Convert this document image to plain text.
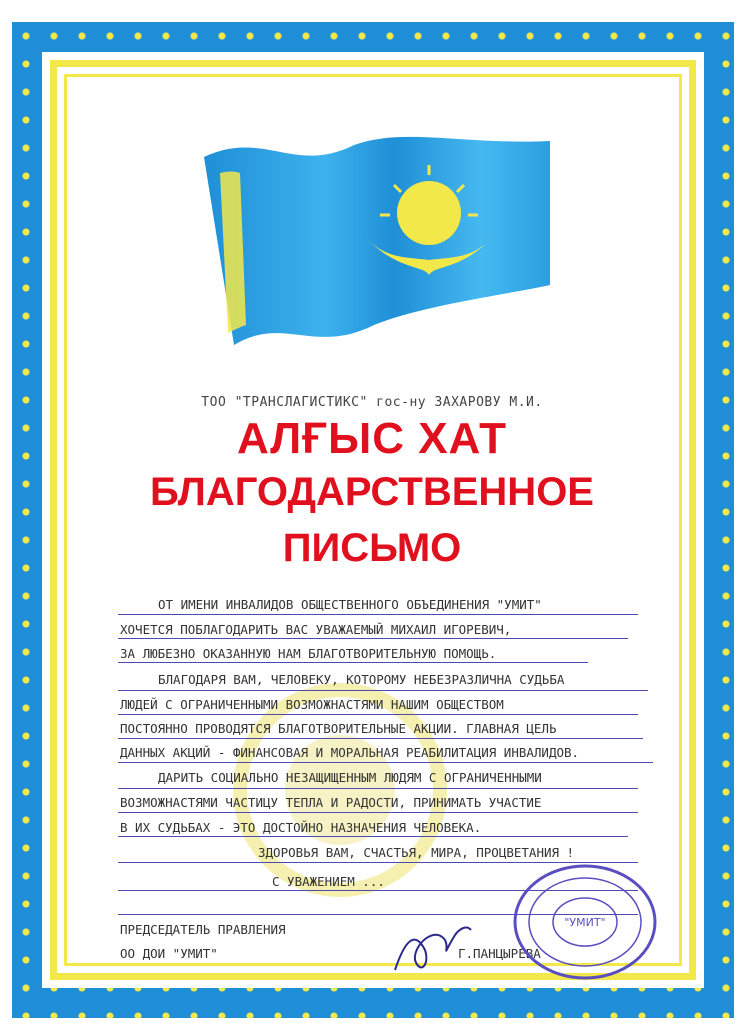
ТОО "ТРАНСЛАГИСТИКС" гос-ну ЗАХАРОВУ М.И.
АЛҒЫС ХАТ
БЛАГОДАРСТВЕННОЕ
ПИСЬМО
ОТ ИМЕНИ ИНВАЛИДОВ ОБЩЕСТВЕННОГО ОБЪЕДИНЕНИЯ "УМИТ"
ХОЧЕТСЯ ПОБЛАГОДАРИТЬ ВАС УВАЖАЕМЫЙ МИХАИЛ ИГОРЕВИЧ,
ЗА ЛЮБЕЗНО ОКАЗАННУЮ НАМ БЛАГОТВОРИТЕЛЬНУЮ ПОМОЩЬ.
БЛАГОДАРЯ ВАМ, ЧЕЛОВЕКУ, КОТОРОМУ НЕБЕЗРАЗЛИЧНА СУДЬБА
ЛЮДЕЙ С ОГРАНИЧЕННЫМИ ВОЗМОЖНАСТЯМИ НАШИМ ОБЩЕСТВОМ
ПОСТОЯННО ПРОВОДЯТСЯ БЛАГОТВОРИТЕЛЬНЫЕ АКЦИИ. ГЛАВНАЯ ЦЕЛЬ
ДАННЫХ АКЦИЙ - ФИНАНСОВАЯ И МОРАЛЬНАЯ РЕАБИЛИТАЦИЯ ИНВАЛИДОВ.
ДАРИТЬ СОЦИАЛЬНО НЕЗАЩИЩЕННЫМ ЛЮДЯМ С ОГРАНИЧЕННЫМИ
ВОЗМОЖНАСТЯМИ ЧАСТИЦУ ТЕПЛА И РАДОСТИ, ПРИНИМАТЬ УЧАСТИЕ
В ИХ СУДЬБАХ - ЭТО ДОСТОЙНО НАЗНАЧЕНИЯ ЧЕЛОВЕКА.
ЗДОРОВЬЯ ВАМ, СЧАСТЬЯ, МИРА, ПРОЦВЕТАНИЯ !
С УВАЖЕНИЕМ ...
ПРЕДСЕДАТЕЛЬ ПРАВЛЕНИЯ
ОО ДОИ "УМИТ"	Г.ПАНЦЫРЕВА
"УМИТ"
